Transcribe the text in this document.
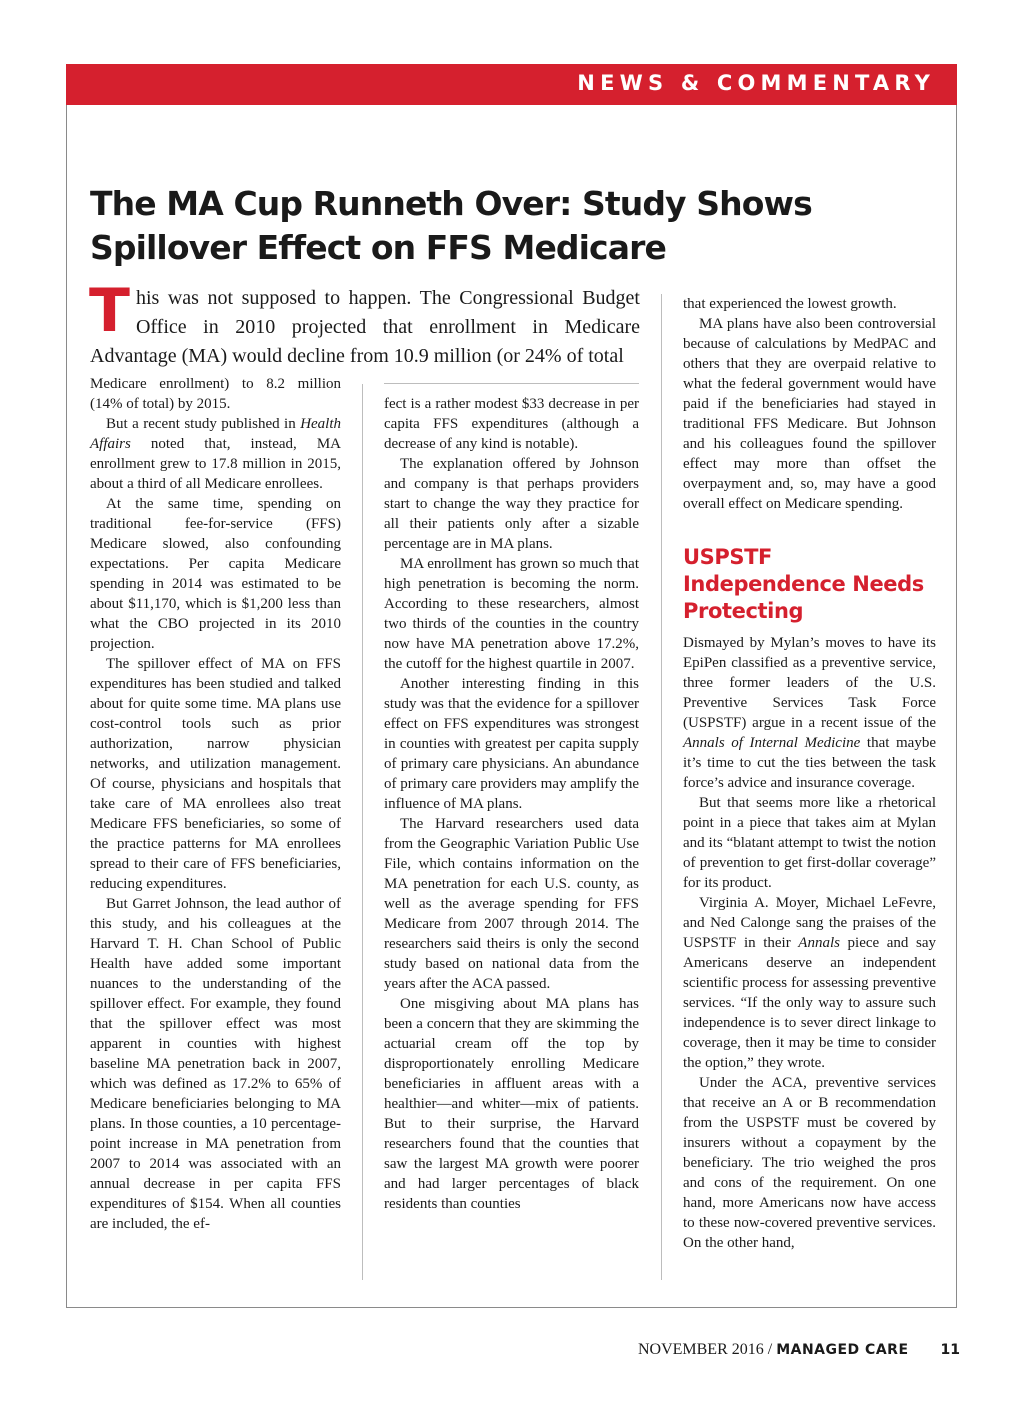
NEWS & COMMENTARY
The MA Cup Runneth Over: Study Shows Spillover Effect on FFS Medicare

This was not supposed to happen. The Congressional Budget Office in 2010 projected that enrollment in Medicare Advantage (MA) would decline from 10.9 million (or 24% of total

Medicare enrollment) to 8.2 million (14% of total) by 2015.

But a recent study published in Health Affairs noted that, instead, MA enrollment grew to 17.8 million in 2015, about a third of all Medicare enrollees.

At the same time, spending on traditional fee-for-service (FFS) Medicare slowed, also confounding expectations. Per capita Medicare spending in 2014 was estimated to be about $11,170, which is $1,200 less than what the CBO projected in its 2010 projection.

The spillover effect of MA on FFS expenditures has been studied and talked about for quite some time. MA plans use cost-control tools such as prior authorization, narrow physician networks, and utilization management. Of course, physicians and hospitals that take care of MA enrollees also treat Medicare FFS beneficiaries, so some of the practice patterns for MA enrollees spread to their care of FFS beneficiaries, reducing expenditures.

But Garret Johnson, the lead author of this study, and his colleagues at the Harvard T. H. Chan School of Public Health have added some important nuances to the understanding of the spillover effect. For example, they found that the spillover effect was most apparent in counties with highest baseline MA penetration back in 2007, which was defined as 17.2% to 65% of Medicare beneficiaries belonging to MA plans. In those counties, a 10 percentage-point increase in MA penetration from 2007 to 2014 was associated with an annual decrease in per capita FFS expenditures of $154. When all counties are included, the ef-

fect is a rather modest $33 decrease in per capita FFS expenditures (although a decrease of any kind is notable).

The explanation offered by Johnson and company is that perhaps providers start to change the way they practice for all their patients only after a sizable percentage are in MA plans.

MA enrollment has grown so much that high penetration is becoming the norm. According to these researchers, almost two thirds of the counties in the country now have MA penetration above 17.2%, the cutoff for the highest quartile in 2007.

Another interesting finding in this study was that the evidence for a spillover effect on FFS expenditures was strongest in counties with greatest per capita supply of primary care physicians. An abundance of primary care providers may amplify the influence of MA plans.

The Harvard researchers used data from the Geographic Variation Public Use File, which contains information on the MA penetration for each U.S. county, as well as the average spending for FFS Medicare from 2007 through 2014. The researchers said theirs is only the second study based on national data from the years after the ACA passed.

One misgiving about MA plans has been a concern that they are skimming the actuarial cream off the top by disproportionately enrolling Medicare beneficiaries in affluent areas with a healthier—and whiter—mix of patients. But to their surprise, the Harvard researchers found that the counties that saw the largest MA growth were poorer and had larger percentages of black residents than counties

that experienced the lowest growth.

MA plans have also been controversial because of calculations by MedPAC and others that they are overpaid relative to what the federal government would have paid if the beneficiaries had stayed in traditional FFS Medicare. But Johnson and his colleagues found the spillover effect may more than offset the overpayment and, so, may have a good overall effect on Medicare spending.

USPSTF Independence Needs Protecting

Dismayed by Mylan’s moves to have its EpiPen classified as a preventive service, three former leaders of the U.S. Preventive Services Task Force (USPSTF) argue in a recent issue of the Annals of Internal Medicine that maybe it’s time to cut the ties between the task force’s advice and insurance coverage.

But that seems more like a rhetorical point in a piece that takes aim at Mylan and its “blatant attempt to twist the notion of prevention to get first-dollar coverage” for its product.

Virginia A. Moyer, Michael LeFevre, and Ned Calonge sang the praises of the USPSTF in their Annals piece and say Americans deserve an independent scientific process for assessing preventive services. “If the only way to assure such independence is to sever direct linkage to coverage, then it may be time to consider the option,” they wrote.

Under the ACA, preventive services that receive an A or B recommendation from the USPSTF must be covered by insurers without a copayment by the beneficiary. The trio weighed the pros and cons of the requirement. On one hand, more Americans now have access to these now-covered preventive services. On the other hand,

NOVEMBER 2016 / MANAGED CARE 11
